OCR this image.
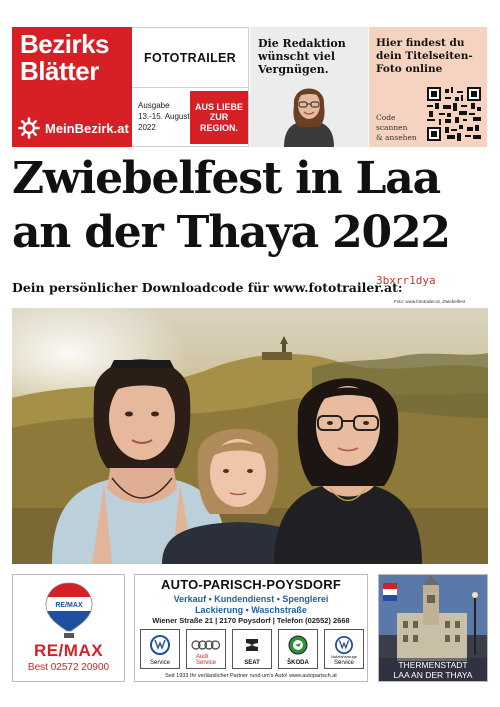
Bezirks
Blätter
MeinBezirk.at
FOTOTRAILER
Ausgabe
13.-15. August
2022
AUS LIEBE
ZUR
REGION.
Die Redaktion
wünscht viel
Vergnügen.
Hier findest du
dein Titelseiten-
Foto online
Code
scannen
& ansehen
Zwiebelfest in Laa
an der Thaya 2022
Dein persönlicher Downloadcode für www.fototrailer.at:
3bxrr1dya
Foto: www.fototrailer.at, Zwiebelfest
RE/MAX
RE/MAX
Best 02572 20900
AUTO-PARISCH-POYSDORF
Verkauf • Kundendienst • Spenglerei
Lackierung • Waschstraße
Wiener Straße 21 | 2170 Poysdorf | Telefon (02552) 2668
Service
Audi
Service	SEAT	ŠKODA
Nutzfahrzeuge
Service
Seit 1933 Ihr verlässlicher Partner rund um's Auto! www.autoparisch.at
THERMENSTADT
LAA AN DER THAYA
